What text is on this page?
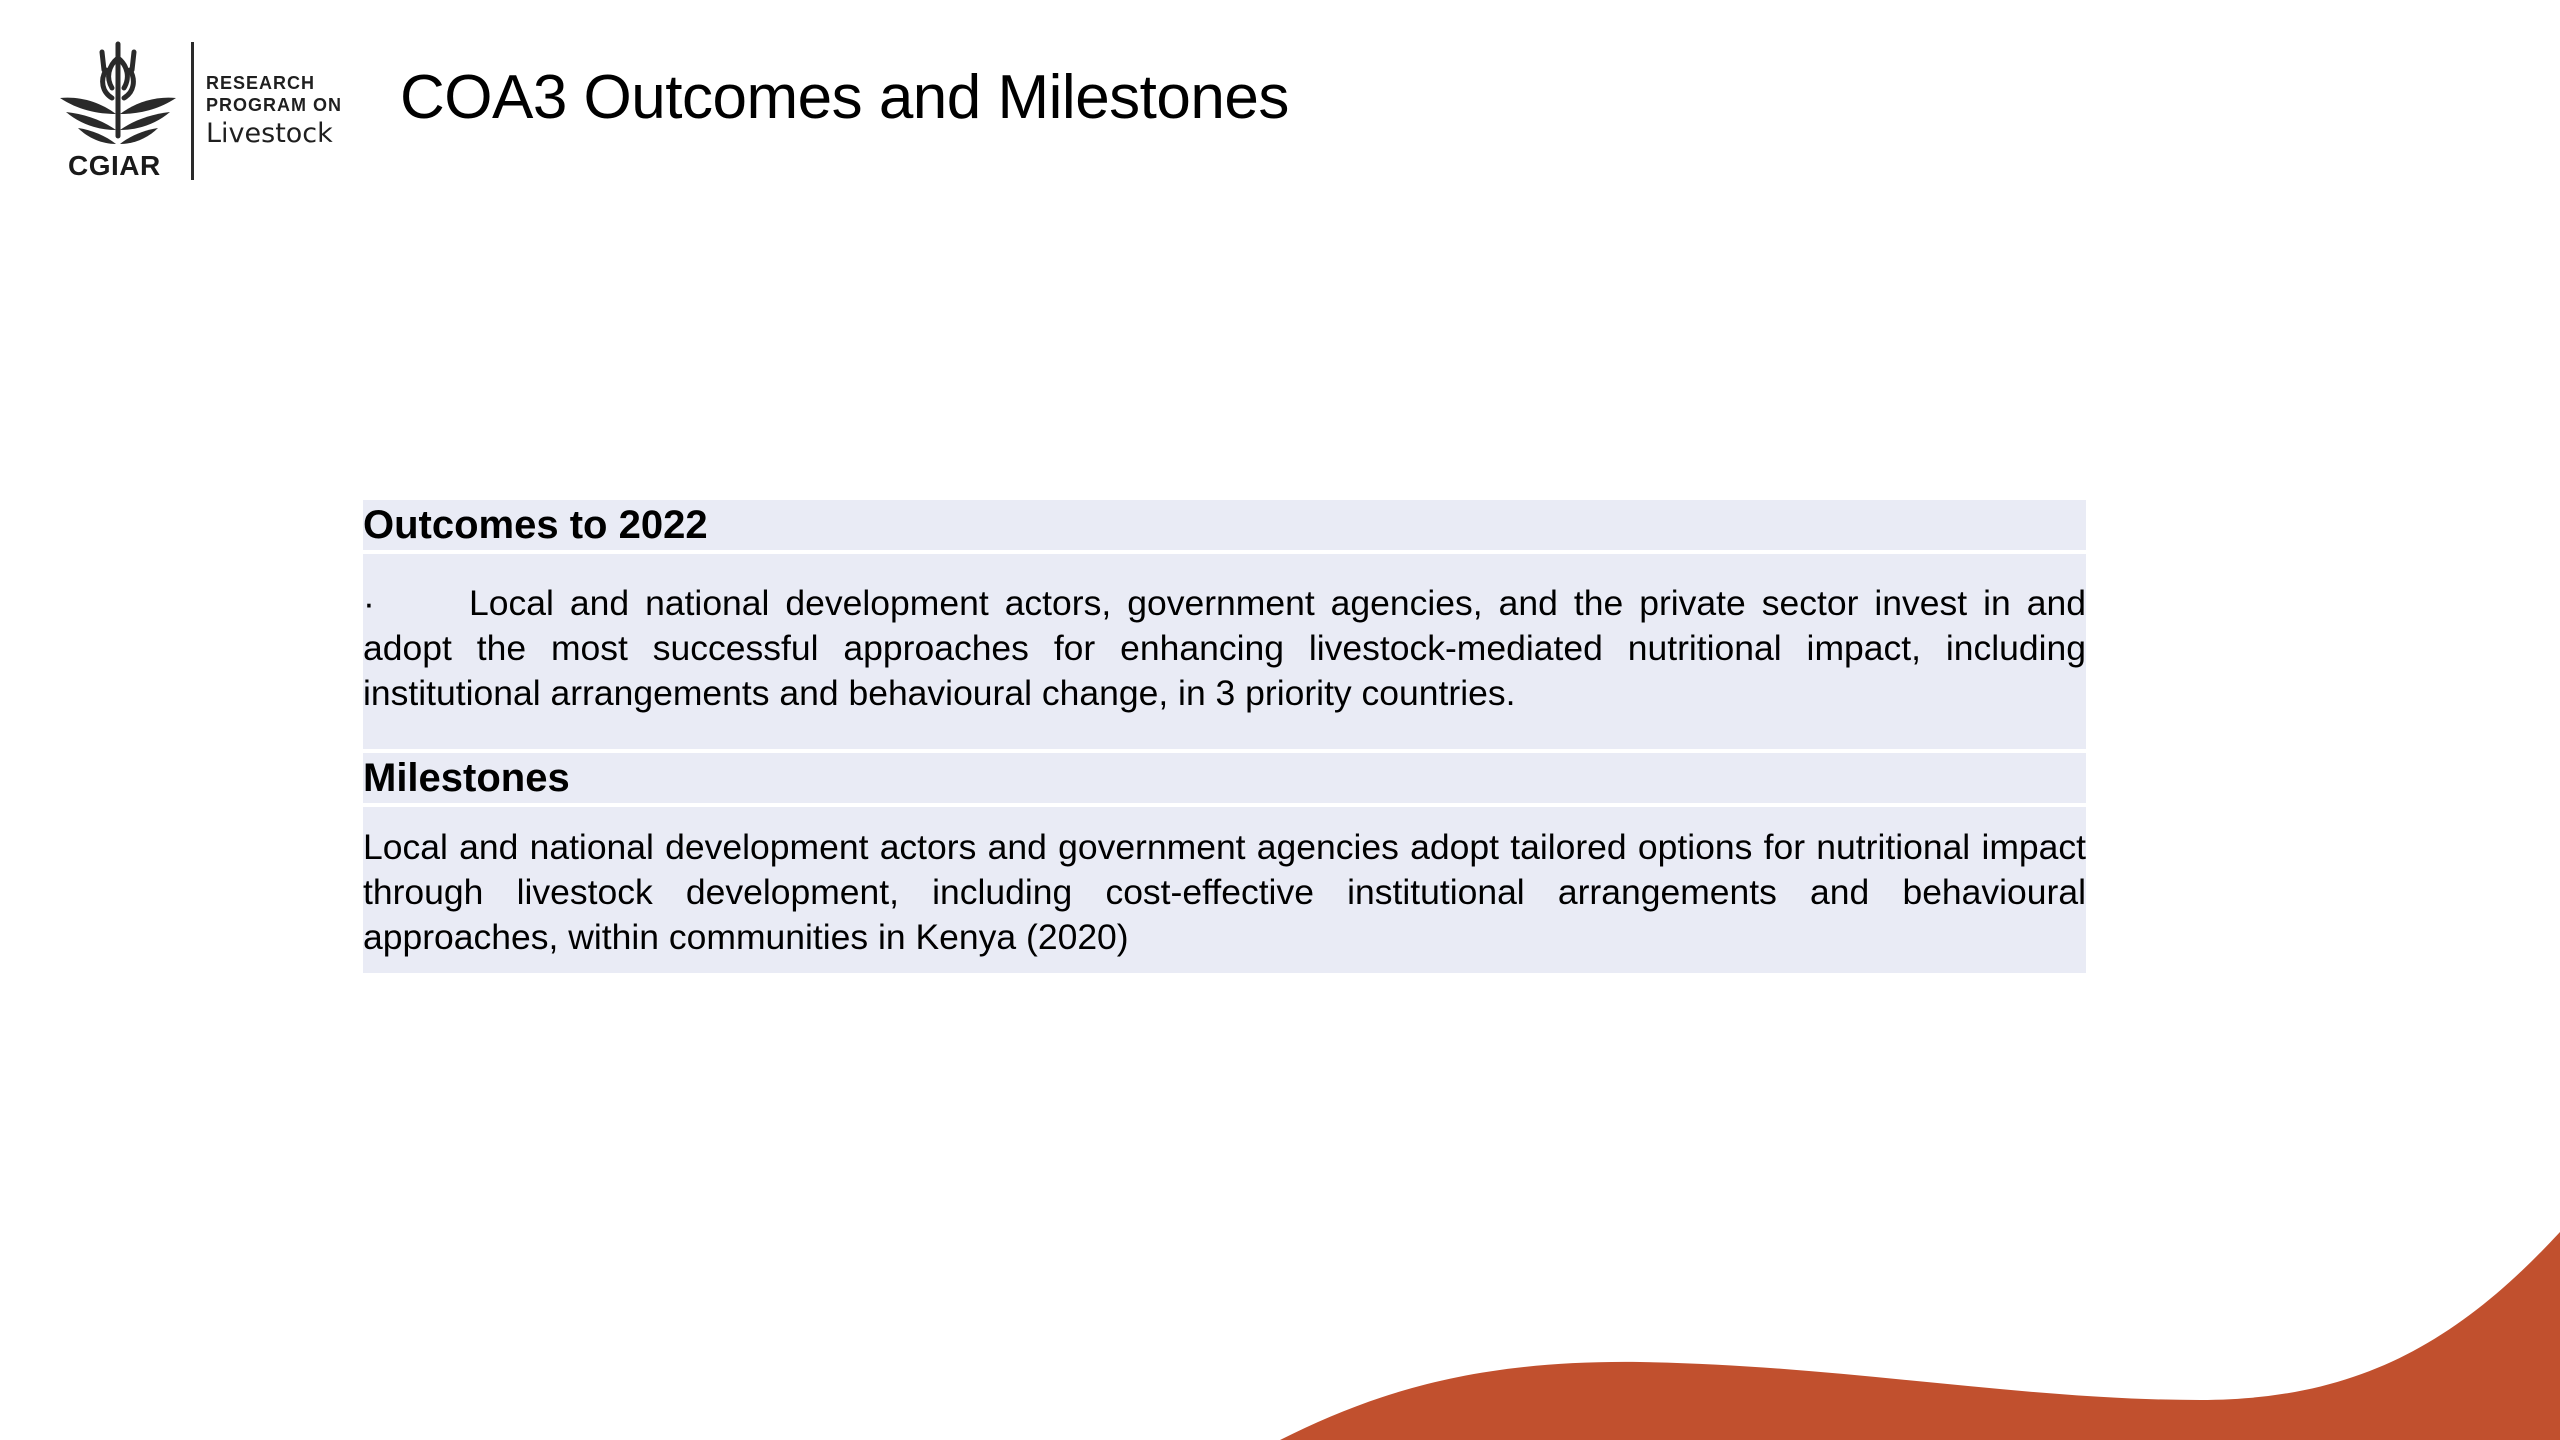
CGIAR
RESEARCH
PROGRAM ON
Livestock
COA3 Outcomes and Milestones

Outcomes to 2022

·	Local and national development actors, government agencies, and the private sector invest in and adopt the most successful approaches for enhancing livestock-mediated nutritional impact, including institutional arrangements and behavioural change, in 3 priority countries.

Milestones

Local and national development actors and government agencies adopt tailored options for nutritional impact through livestock development, including cost-effective institutional arrangements and behavioural approaches, within communities in Kenya (2020)
